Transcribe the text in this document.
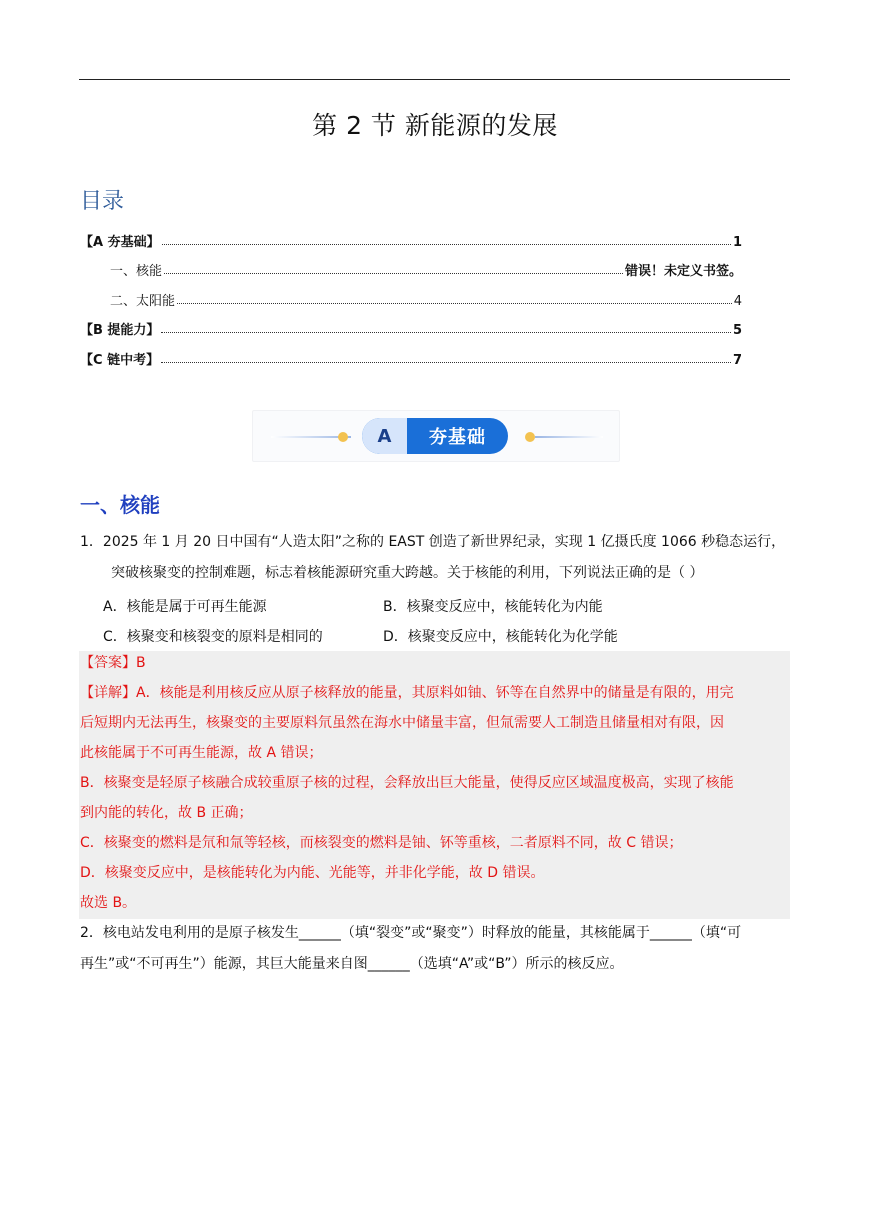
第 2 节 新能源的发展
目录
【A 夯基础】	1
一、核能	错误！未定义书签。
二、太阳能	4
【B 提能力】	5
【C 链中考】	7
A	夯基础
一、核能
1．2025 年 1 月 20 日中国有“人造太阳”之称的 EAST 创造了新世界纪录，实现 1 亿摄氏度 1066 秒稳态运行，
突破核聚变的控制难题，标志着核能源研究重大跨越。关于核能的利用，下列说法正确的是（ ）
A．核能是属于可再生能源	B．核聚变反应中，核能转化为内能
C．核聚变和核裂变的原料是相同的	D．核聚变反应中，核能转化为化学能
【答案】B
【详解】A．核能是利用核反应从原子核释放的能量，其原料如铀、钚等在自然界中的储量是有限的，用完
后短期内无法再生，核聚变的主要原料氘虽然在海水中储量丰富，但氚需要人工制造且储量相对有限，因
此核能属于不可再生能源，故 A 错误；
B．核聚变是轻原子核融合成较重原子核的过程，会释放出巨大能量，使得反应区域温度极高，实现了核能
到内能的转化，故 B 正确；
C．核聚变的燃料是氘和氚等轻核，而核裂变的燃料是铀、钚等重核，二者原料不同，故 C 错误；
D．核聚变反应中，是核能转化为内能、光能等，并非化学能，故 D 错误。
故选 B。
2．核电站发电利用的是原子核发生______（填“裂变”或“聚变”）时释放的能量，其核能属于______（填“可
再生”或“不可再生”）能源，其巨大能量来自图______（选填“A”或“B”）所示的核反应。
